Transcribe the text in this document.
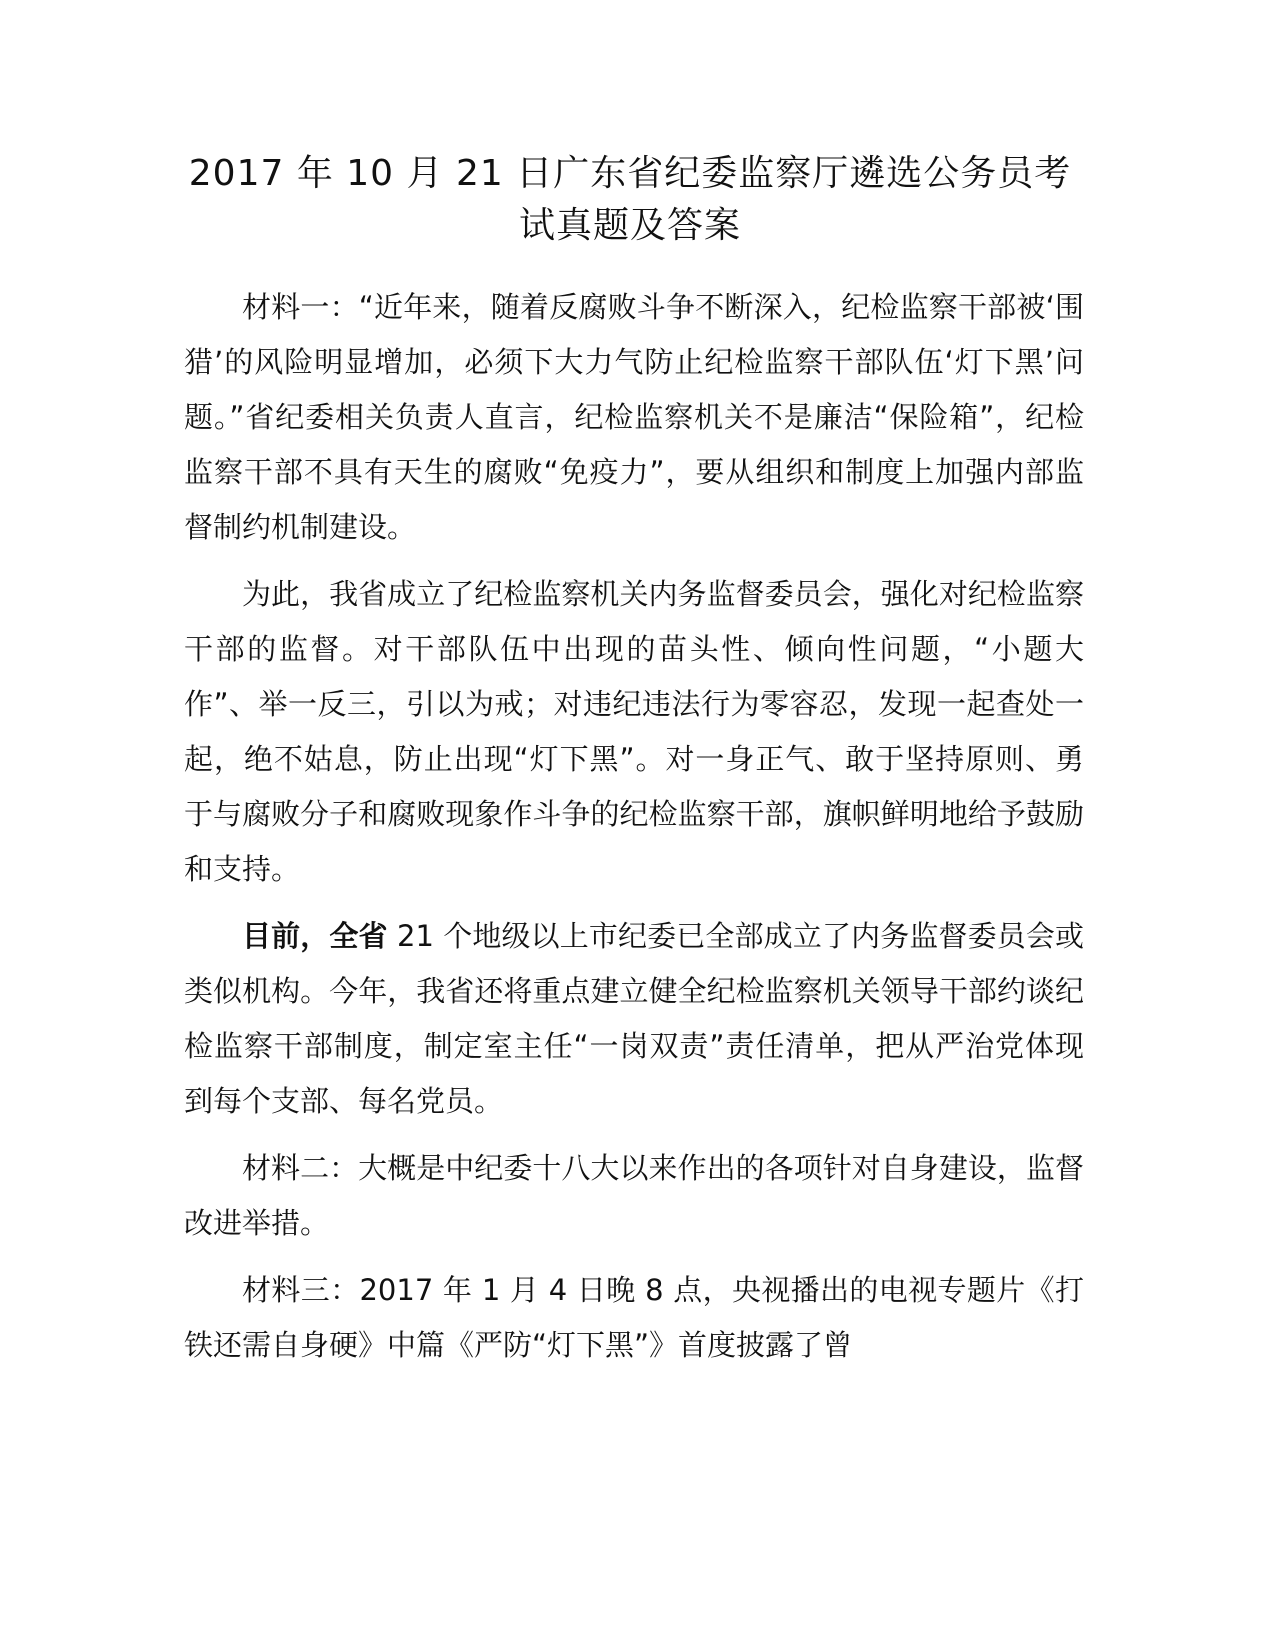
2017 年 10 月 21 日广东省纪委监察厅遴选公务员考试真题及答案

材料一：“近年来，随着反腐败斗争不断深入，纪检监察干部被‘围猎’的风险明显增加，必须下大力气防止纪检监察干部队伍‘灯下黑’问题。”省纪委相关负责人直言，纪检监察机关不是廉洁“保险箱”，纪检监察干部不具有天生的腐败“免疫力”，要从组织和制度上加强内部监督制约机制建设。

为此，我省成立了纪检监察机关内务监督委员会，强化对纪检监察干部的监督。对干部队伍中出现的苗头性、倾向性问题，“小题大作”、举一反三，引以为戒；对违纪违法行为零容忍，发现一起查处一起，绝不姑息，防止出现“灯下黑”。对一身正气、敢于坚持原则、勇于与腐败分子和腐败现象作斗争的纪检监察干部，旗帜鲜明地给予鼓励和支持。

目前，全省 21 个地级以上市纪委已全部成立了内务监督委员会或类似机构。今年，我省还将重点建立健全纪检监察机关领导干部约谈纪检监察干部制度，制定室主任“一岗双责”责任清单，把从严治党体现到每个支部、每名党员。

材料二：大概是中纪委十八大以来作出的各项针对自身建设，监督改进举措。

材料三：2017 年 1 月 4 日晚 8 点，央视播出的电视专题片《打铁还需自身硬》中篇《严防“灯下黑”》首度披露了曾
